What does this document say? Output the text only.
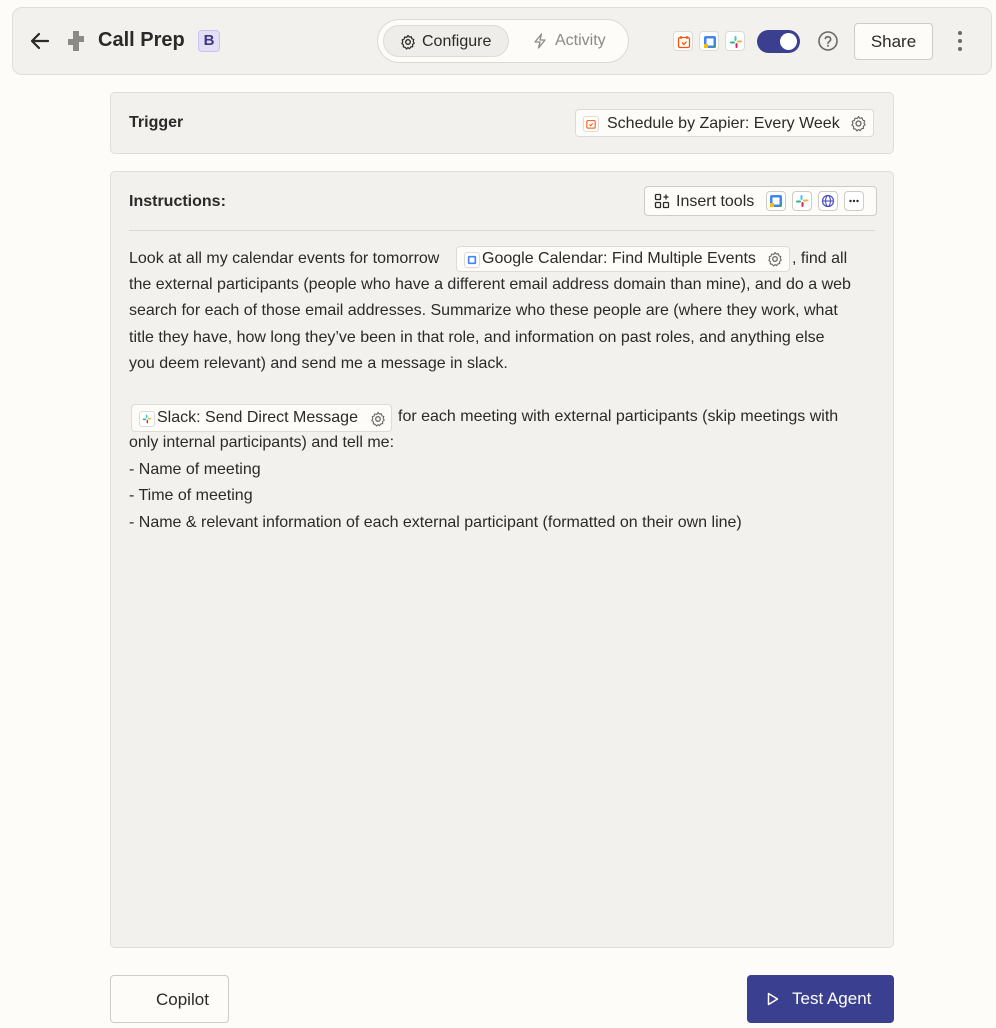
Call Prep	B	Configure	Activity	Share
Trigger	Schedule by Zapier: Every Week
Instructions:	Insert tools
Look at all my calendar events for tomorrow	Google Calendar: Find Multiple Events , find all
the external participants (people who have a different email address domain than mine), and do a web
search for each of those email addresses. Summarize who these people are (where they work, what
title they have, how long they’ve been in that role, and information on past roles, and anything else
you deem relevant) and send me a message in slack.
Slack: Send Direct Message	for each meeting with external participants (skip meetings with
only internal participants) and tell me:
- Name of meeting
- Time of meeting
- Name & relevant information of each external participant (formatted on their own line)
Copilot	Test Agent
